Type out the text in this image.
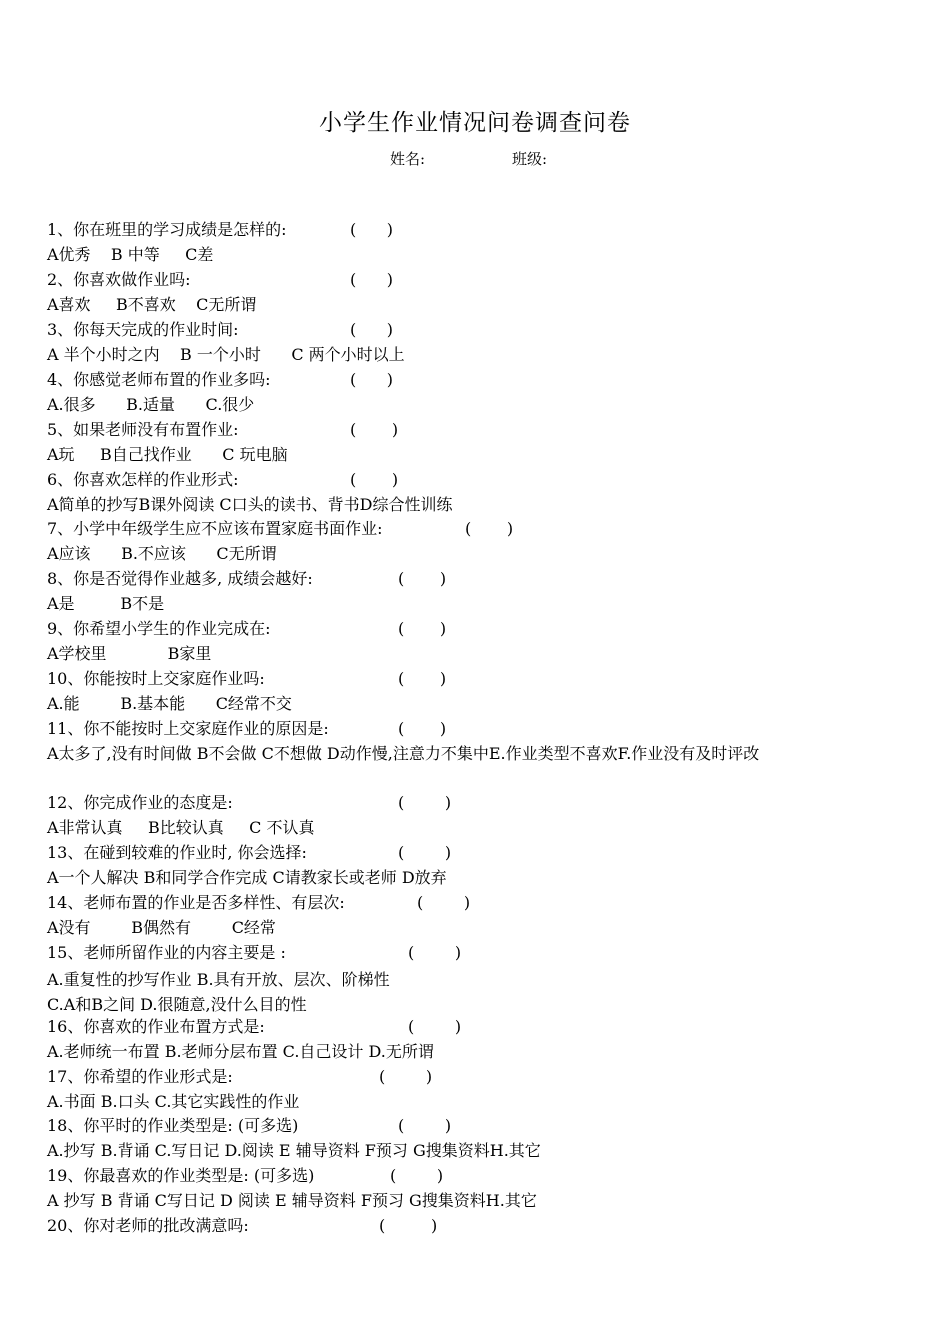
小学生作业情况问卷调查问卷
姓名:	班级:
1、你在班里的学习成绩是怎样的:	(      )
A优秀    B 中等     C差
2、你喜欢做作业吗:	(      )
A喜欢     B不喜欢    C无所谓
3、你每天完成的作业时间:	(      )
A 半个小时之内    B 一个小时      C 两个小时以上
4、你感觉老师布置的作业多吗:	(      )
A.很多      B.适量      C.很少
5、如果老师没有布置作业:	(       )
A玩     B自己找作业      C 玩电脑
6、你喜欢怎样的作业形式:	(       )
A简单的抄写B课外阅读 C口头的读书、背书D综合性训练
7、小学中年级学生应不应该布置家庭书面作业:	(       )
A应该      B.不应该      C无所谓
8、你是否觉得作业越多, 成绩会越好:	(       )
A是         B不是
9、你希望小学生的作业完成在:	(       )
A学校里            B家里
10、你能按时上交家庭作业吗:	(       )
A.能        B.基本能      C经常不交
11、你不能按时上交家庭作业的原因是:	(       )
A太多了,没有时间做 B不会做 C不想做 D动作慢,注意力不集中E.作业类型不喜欢F.作业没有及时评改
12、你完成作业的态度是:	(        )
A非常认真     B比较认真     C 不认真
13、在碰到较难的作业时, 你会选择:	(        )
A一个人解决 B和同学合作完成 C请教家长或老师 D放弃
14、老师布置的作业是否多样性、有层次:	(        )
A没有        B偶然有        C经常
15、老师所留作业的内容主要是 :	(        )
A.重复性的抄写作业 B.具有开放、层次、阶梯性
C.A和B之间 D.很随意,没什么目的性
16、你喜欢的作业布置方式是:	(        )
A.老师统一布置 B.老师分层布置 C.自己设计 D.无所谓
17、你希望的作业形式是:	(        )
A.书面 B.口头 C.其它实践性的作业
18、你平时的作业类型是: (可多选)	(        )
A.抄写 B.背诵 C.写日记 D.阅读 E 辅导资料 F预习 G搜集资料H.其它
19、你最喜欢的作业类型是: (可多选)	(        )
A 抄写 B 背诵 C写日记 D 阅读 E 辅导资料 F预习 G搜集资料H.其它
20、你对老师的批改满意吗:	(         )
